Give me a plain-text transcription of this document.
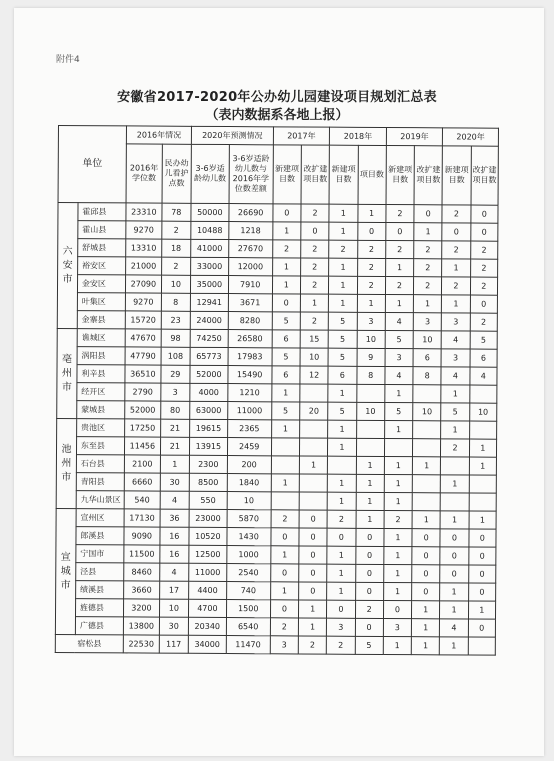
附件4
安徽省2017-2020年公办幼儿园建设项目规划汇总表
（表内数据系各地上报）
单位		2016年情况		2020年预测情况		2017年		2018年		2019年		2020年	
		2016年学位数	民办幼儿看护点数	3-6岁适龄幼儿数	3-6岁适龄幼儿数与2016年学位数差额	新建项目数	改扩建项目数	新建项目数	项目数	新建项目数	改扩建项目数	新建项目数	改扩建项目数
六
安
市	霍邱县	23310	78	50000	26690	0	2	1	1	2	0	2	0
	霍山县	9270	2	10488	1218	1	0	1	0	0	1	0	0
	舒城县	13310	18	41000	27670	2	2	2	2	2	2	2	2
	裕安区	21000	2	33000	12000	1	2	1	2	1	2	1	2
	金安区	27090	10	35000	7910	1	2	1	2	2	2	2	2
	叶集区	9270	8	12941	3671	0	1	1	1	1	1	1	0
	金寨县	15720	23	24000	8280	5	2	5	3	4	3	3	2
亳
州
市	谯城区	47670	98	74250	26580	6	15	5	10	5	10	4	5
	涡阳县	47790	108	65773	17983	5	10	5	9	3	6	3	6
	利辛县	36510	29	52000	15490	6	12	6	8	4	8	4	4
	经开区	2790	3	4000	1210	1		1		1		1	
	蒙城县	52000	80	63000	11000	5	20	5	10	5	10	5	10
池
州
市	贵池区	17250	21	19615	2365	1		1		1		1	
	东至县	11456	21	13915	2459			1				2	1
	石台县	2100	1	2300	200		1		1	1	1		1
	青阳县	6660	30	8500	1840	1		1	1	1		1	
	九华山景区	540	4	550	10			1	1	1			
宣
城
市	宣州区	17130	36	23000	5870	2	0	2	1	2	1	1	1
	郎溪县	9090	16	10520	1430	0	0	0	0	1	0	0	0
	宁国市	11500	16	12500	1000	1	0	1	0	1	0	0	0
	泾县	8460	4	11000	2540	0	0	1	0	1	0	0	0
	绩溪县	3660	17	4400	740	1	0	1	0	1	0	1	0
	旌德县	3200	10	4700	1500	0	1	0	2	0	1	1	1
	广德县	13800	30	20340	6540	2	1	3	0	3	1	4	0
宿松县		22530	117	34000	11470	3	2	2	5	1	1	1	
